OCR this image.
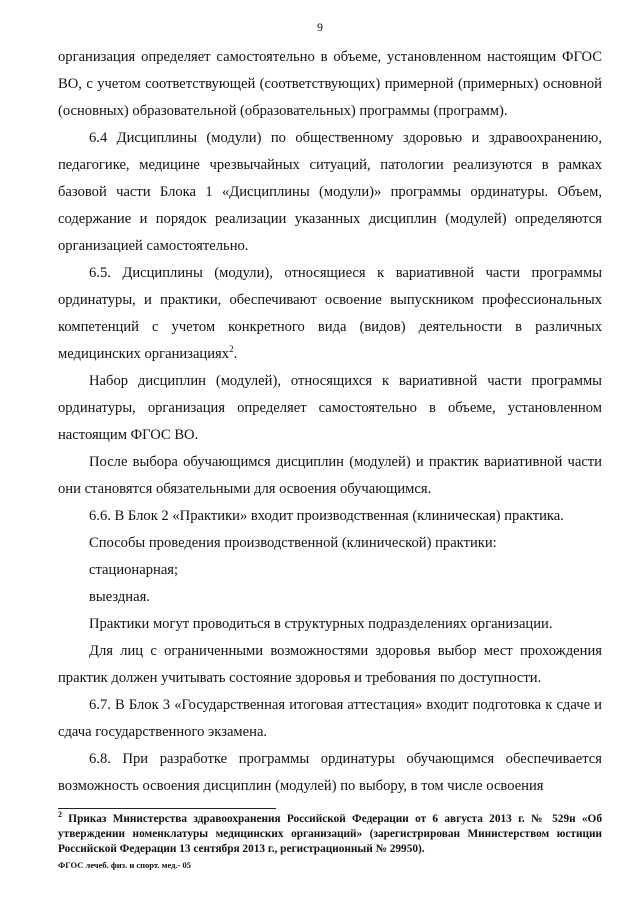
9

организация определяет самостоятельно в объеме, установленном настоящим ФГОС ВО, с учетом соответствующей (соответствующих) примерной (примерных) основной (основных) образовательной (образовательных) программы (программ).

6.4 Дисциплины (модули) по общественному здоровью и здравоохранению, педагогике, медицине чрезвычайных ситуаций, патологии реализуются в рамках базовой части Блока 1 «Дисциплины (модули)» программы ординатуры. Объем, содержание и порядок реализации указанных дисциплин (модулей) определяются организацией самостоятельно.

6.5. Дисциплины (модули), относящиеся к вариативной части программы ординатуры, и практики, обеспечивают освоение выпускником профессиональных компетенций с учетом конкретного вида (видов) деятельности в различных медицинских организациях$^2$.

Набор дисциплин (модулей), относящихся к вариативной части программы ординатуры, организация определяет самостоятельно в объеме, установленном настоящим ФГОС ВО.

После выбора обучающимся дисциплин (модулей) и практик вариативной части они становятся обязательными для освоения обучающимся.

6.6. В Блок 2 «Практики» входит производственная (клиническая) практика.

Способы проведения производственной (клинической) практики:

стационарная;

выездная.

Практики могут проводиться в структурных подразделениях организации.

Для лиц с ограниченными возможностями здоровья выбор мест прохождения практик должен учитывать состояние здоровья и требования по доступности.

6.7. В Блок 3 «Государственная итоговая аттестация» входит подготовка к сдаче и сдача государственного экзамена.

6.8. При разработке программы ординатуры обучающимся обеспечивается возможность освоения дисциплин (модулей) по выбору, в том числе освоения

$^2$ Приказ Министерства здравоохранения Российской Федерации от 6 августа 2013 г. № 529н «Об утверждении номенклатуры медицинских организаций» (зарегистрирован Министерством юстиции Российской Федерации 13 сентября 2013 г., регистрационный № 29950).

ФГОС лечеб. физ. и спорт. мед.- 05
